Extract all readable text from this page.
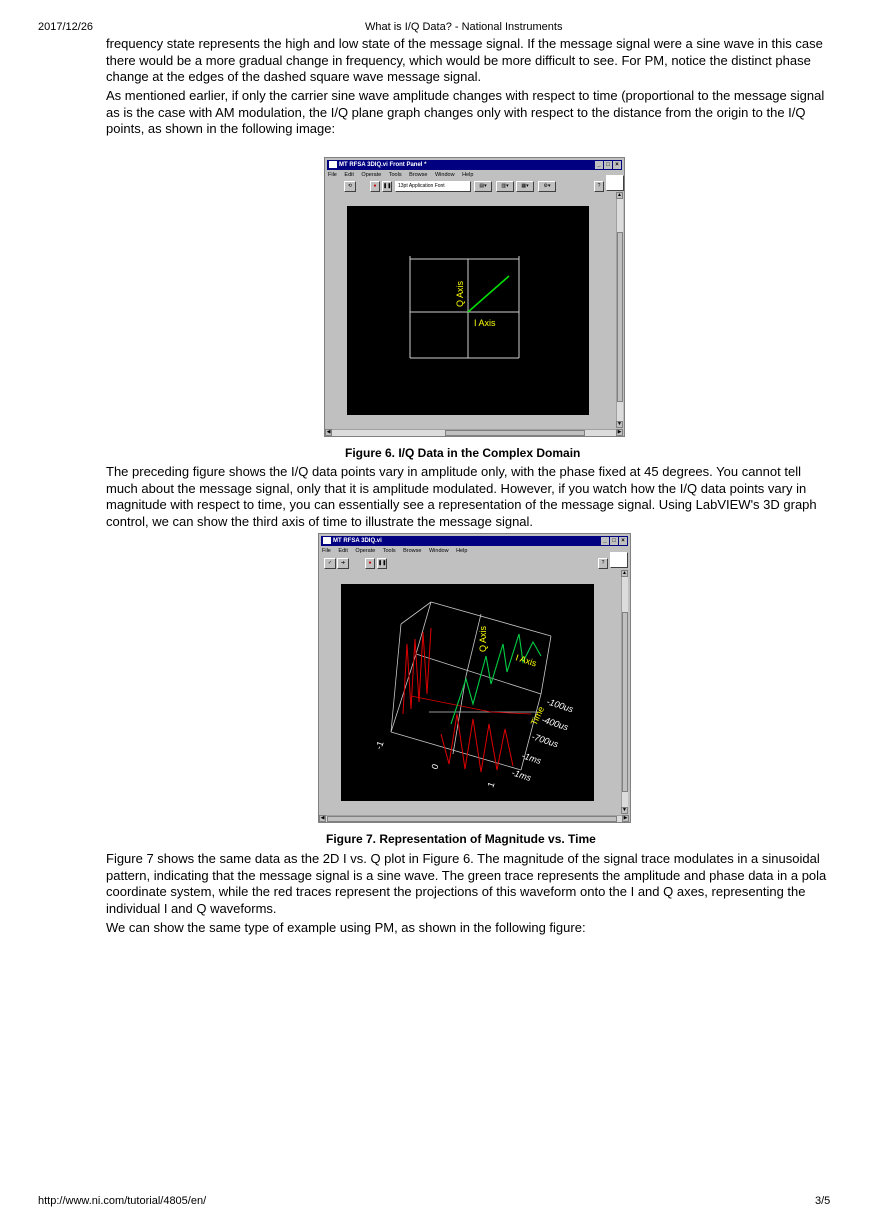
2017/12/26	What is I/Q Data? - National Instruments
frequency state represents the high and low state of the message signal. If the message signal were a sine wave in this case
there would be a more gradual change in frequency, which would be more difficult to see. For PM, notice the distinct phase
change at the edges of the dashed square wave message signal.
As mentioned earlier, if only the carrier sine wave amplitude changes with respect to time (proportional to the message signal
as is the case with AM modulation, the I/Q plane graph changes only with respect to the distance from the origin to the I/Q
points, as shown in the following image:
MT RFSA 3DIQ.vi Front Panel *	_ □ ×
File Edit Operate Tools Browse Window Help
⟲	●	❚❚	13pt Application Font	▤▾	▥▾	▦▾	⚙▾	?
Q Axis
I Axis
▲
▼
◀	▶
Figure 6. I/Q Data in the Complex Domain
The preceding figure shows the I/Q data points vary in amplitude only, with the phase fixed at 45 degrees. You cannot tell
much about the message signal, only that it is amplitude modulated. However, if you watch how the I/Q data points vary in
magnitude with respect to time, you can essentially see a representation of the message signal. Using LabVIEW's 3D graph
control, we can show the third axis of time to illustrate the message signal.
MT RFSA 3DIQ.vi	_ □ ×
File Edit Operate Tools Browse Window Help
✓	➜	●	❚❚	?
Q Axis
I Axis
Time -100us
-400us
-700us
-1ms
-1ms
-1
0
1
▲
▼
◀	▶
Figure 7. Representation of Magnitude vs. Time
Figure 7 shows the same data as the 2D I vs. Q plot in Figure 6. The magnitude of the signal trace modulates in a sinusoidal
pattern, indicating that the message signal is a sine wave. The green trace represents the amplitude and phase data in a pola
coordinate system, while the red traces represent the projections of this waveform onto the I and Q axes, representing the
individual I and Q waveforms.
We can show the same type of example using PM, as shown in the following figure:
http://www.ni.com/tutorial/4805/en/	3/5
